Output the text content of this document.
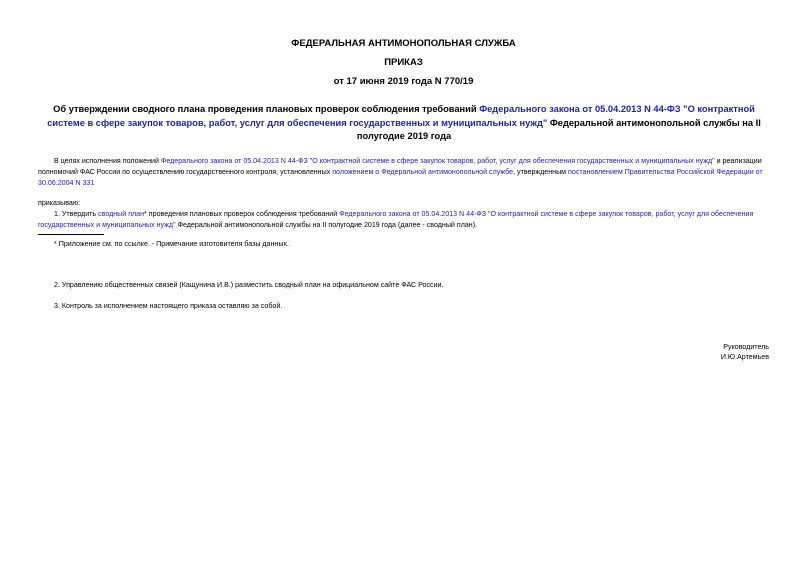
ФЕДЕРАЛЬНАЯ АНТИМОНОПОЛЬНАЯ СЛУЖБА
ПРИКАЗ
от 17 июня 2019 года N 770/19
Об утверждении сводного плана проведения плановых проверок соблюдения требований Федерального закона от 05.04.2013 N 44-ФЗ "О контрактной системе в сфере закупок товаров, работ, услуг для обеспечения государственных и муниципальных нужд" Федеральной антимонопольной службы на II полугодие 2019 года
В целях исполнения положений Федерального закона от 05.04.2013 N 44-ФЗ "О контрактной системе в сфере закупок товаров, работ, услуг для обеспечения государственных и муниципальных нужд" и реализации полномочий ФАС России по осуществлению государственного контроля, установленных положением о Федеральной антимонопольной службе, утвержденным постановлением Правительства Российской Федерации от 30.06.2004 N 331
приказываю:
1. Утвердить сводный план* проведения плановых проверок соблюдения требований Федерального закона от 05.04.2013 N 44-ФЗ "О контрактной системе в сфере закупок товаров, работ, услуг для обеспечения государственных и муниципальных нужд" Федеральной антимонопольной службы на II полугодие 2019 года (далее - сводный план).
* Приложение см. по ссылке. - Примечание изготовителя базы данных.
2. Управлению общественных связей (Кащунина И.В.) разместить сводный план на официальном сайте ФАС России.
3. Контроль за исполнением настоящего приказа оставляю за собой.
Руководитель
И.Ю.Артемьев
